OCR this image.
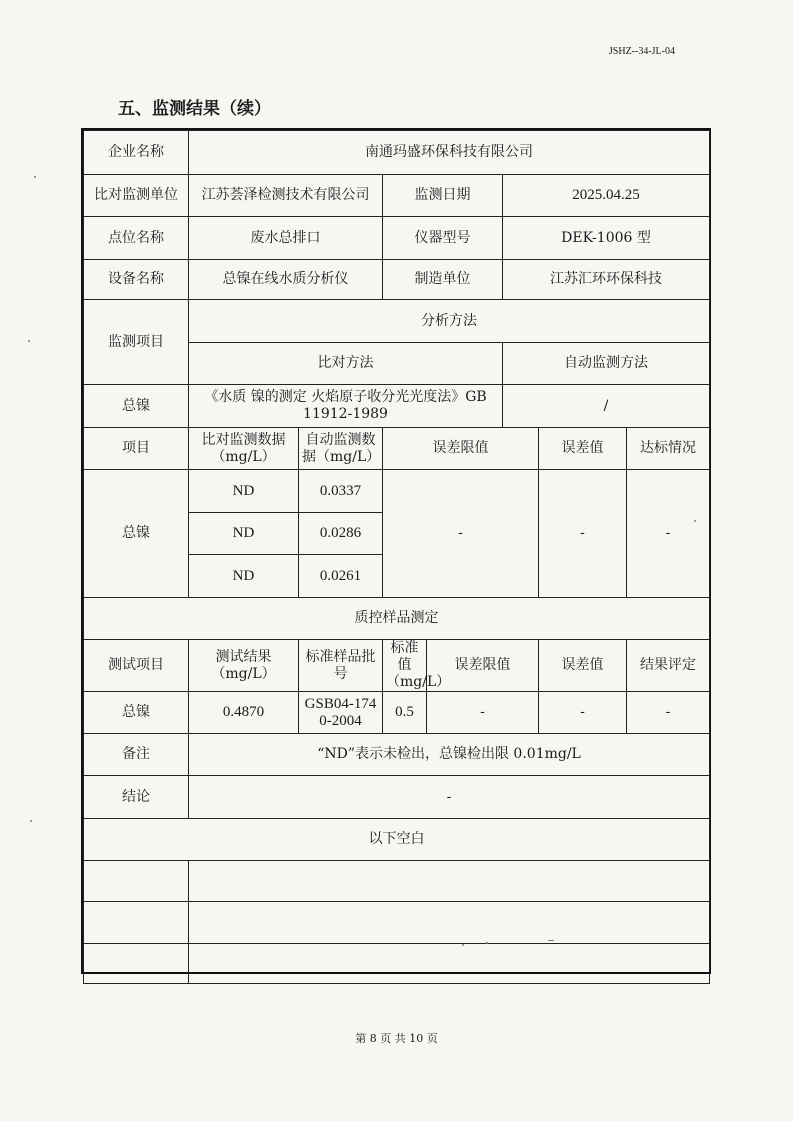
JSHZ--34-JL-04
五、监测结果（续）
企业名称	南通玛盛环保科技有限公司						
比对监测单位	江苏荟泽检测技术有限公司		监测日期		2025.04.25		
点位名称	废水总排口		仪器型号		DEK-1006 型		
设备名称	总镍在线水质分析仪		制造单位		江苏汇环环保科技		
监测项目	分析方法						
	比对方法				自动监测方法		
总镍	《水质 镍的测定 火焰原子收分光光度法》GB 11912-1989				/		
项目	比对监测数据（mg/L）	自动监测数据（mg/L）	误差限值			误差值	达标情况
总镍	ND	0.0337	-			-	-
	ND	0.0286					
	ND	0.0261					
质控样品测定							
测试项目	测试结果（mg/L）	标准样品批号	标准值（mg/L）	误差限值		误差值	结果评定
总镍	0.4870	GSB04-1740-2004	0.5	-		-	-
备注	“ND”表示未检出，总镍检出限 0.01mg/L						
结论	-						
以下空白							

第 8 页 共 10 页
